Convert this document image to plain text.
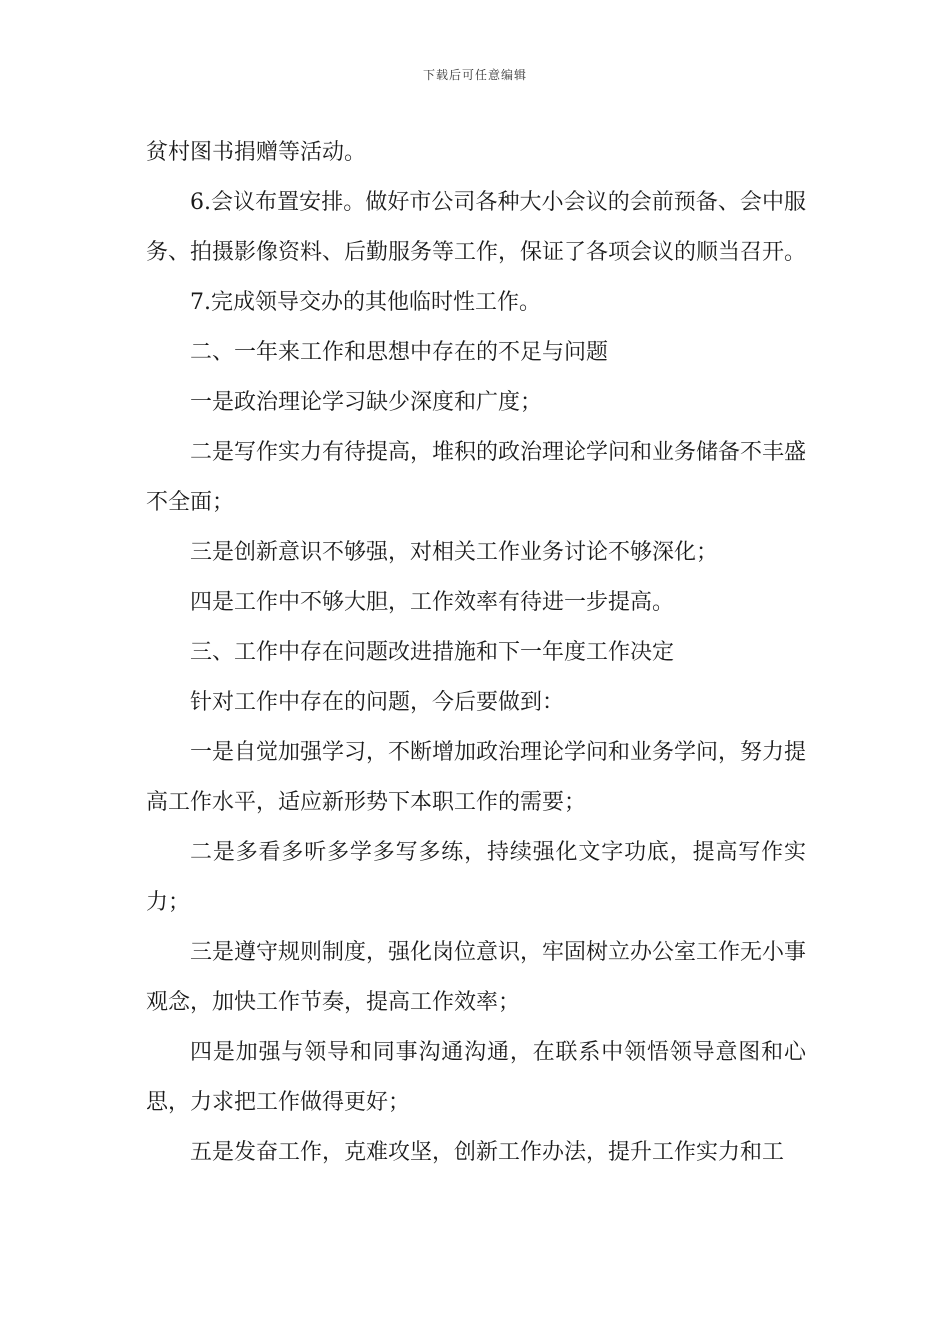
下载后可任意编辑

贫村图书捐赠等活动。

6.会议布置安排。做好市公司各种大小会议的会前预备、会中服务、拍摄影像资料、后勤服务等工作，保证了各项会议的顺当召开。

7.完成领导交办的其他临时性工作。

二、一年来工作和思想中存在的不足与问题

一是政治理论学习缺少深度和广度；

二是写作实力有待提高，堆积的政治理论学问和业务储备不丰盛不全面；

三是创新意识不够强，对相关工作业务讨论不够深化；

四是工作中不够大胆，工作效率有待进一步提高。

三、工作中存在问题改进措施和下一年度工作决定

针对工作中存在的问题，今后要做到：

一是自觉加强学习，不断增加政治理论学问和业务学问，努力提高工作水平，适应新形势下本职工作的需要；

二是多看多听多学多写多练，持续强化文字功底，提高写作实力；

三是遵守规则制度，强化岗位意识，牢固树立办公室工作无小事观念，加快工作节奏，提高工作效率；

四是加强与领导和同事沟通沟通，在联系中领悟领导意图和心思，力求把工作做得更好；

五是发奋工作，克难攻坚，创新工作办法，提升工作实力和工
